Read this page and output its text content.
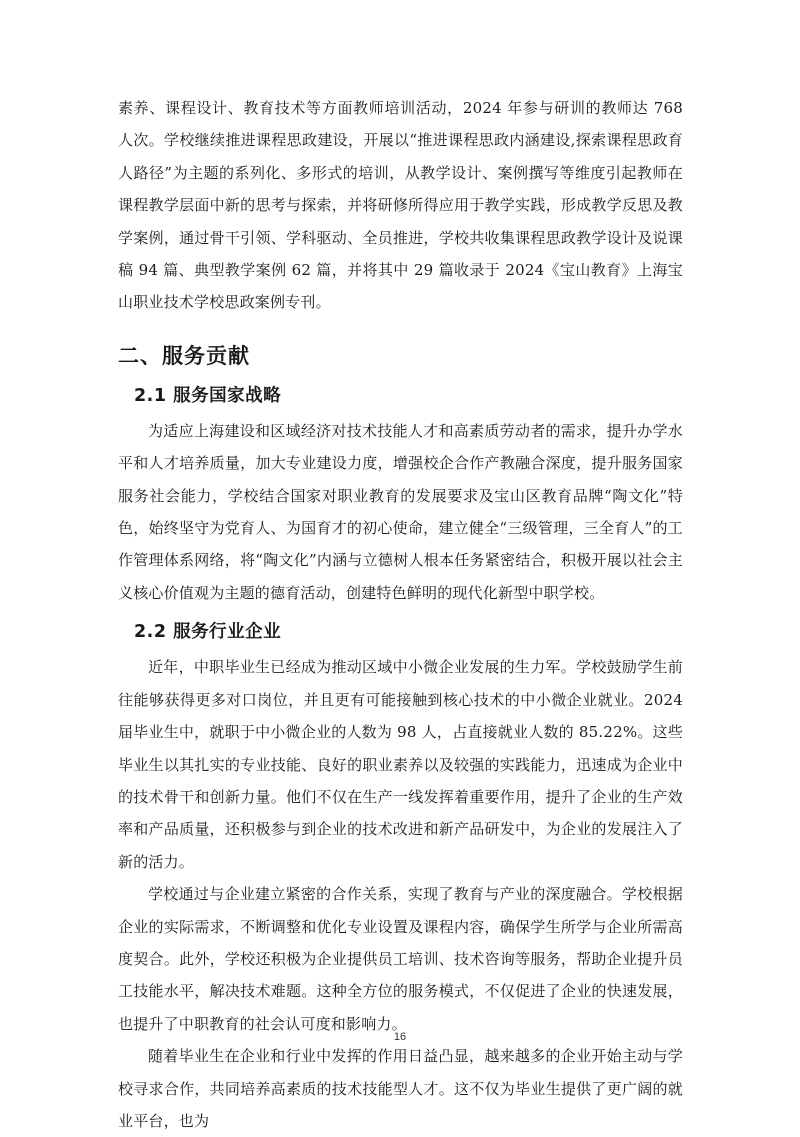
素养、课程设计、教育技术等方面教师培训活动，2024 年参与研训的教师达 768 人次。学校继续推进课程思政建设，开展以“推进课程思政内涵建设,探索课程思政育人路径”为主题的系列化、多形式的培训，从教学设计、案例撰写等维度引起教师在课程教学层面中新的思考与探索，并将研修所得应用于教学实践，形成教学反思及教学案例，通过骨干引领、学科驱动、全员推进，学校共收集课程思政教学设计及说课稿 94 篇、典型教学案例 62 篇，并将其中 29 篇收录于 2024《宝山教育》上海宝山职业技术学校思政案例专刊。

二、服务贡献
2.1 服务国家战略

为适应上海建设和区域经济对技术技能人才和高素质劳动者的需求，提升办学水平和人才培养质量，加大专业建设力度，增强校企合作产教融合深度，提升服务国家服务社会能力，学校结合国家对职业教育的发展要求及宝山区教育品牌“陶文化”特色，始终坚守为党育人、为国育才的初心使命，建立健全“三级管理，三全育人”的工作管理体系网络，将“陶文化”内涵与立德树人根本任务紧密结合，积极开展以社会主义核心价值观为主题的德育活动，创建特色鲜明的现代化新型中职学校。

2.2 服务行业企业

近年，中职毕业生已经成为推动区域中小微企业发展的生力军。学校鼓励学生前往能够获得更多对口岗位，并且更有可能接触到核心技术的中小微企业就业。2024 届毕业生中，就职于中小微企业的人数为 98 人，占直接就业人数的 85.22%。这些毕业生以其扎实的专业技能、良好的职业素养以及较强的实践能力，迅速成为企业中的技术骨干和创新力量。他们不仅在生产一线发挥着重要作用，提升了企业的生产效率和产品质量，还积极参与到企业的技术改进和新产品研发中，为企业的发展注入了新的活力。

学校通过与企业建立紧密的合作关系，实现了教育与产业的深度融合。学校根据企业的实际需求，不断调整和优化专业设置及课程内容，确保学生所学与企业所需高度契合。此外，学校还积极为企业提供员工培训、技术咨询等服务，帮助企业提升员工技能水平，解决技术难题。这种全方位的服务模式，不仅促进了企业的快速发展，也提升了中职教育的社会认可度和影响力。

随着毕业生在企业和行业中发挥的作用日益凸显，越来越多的企业开始主动与学校寻求合作，共同培养高素质的技术技能型人才。这不仅为毕业生提供了更广阔的就业平台，也为

16
